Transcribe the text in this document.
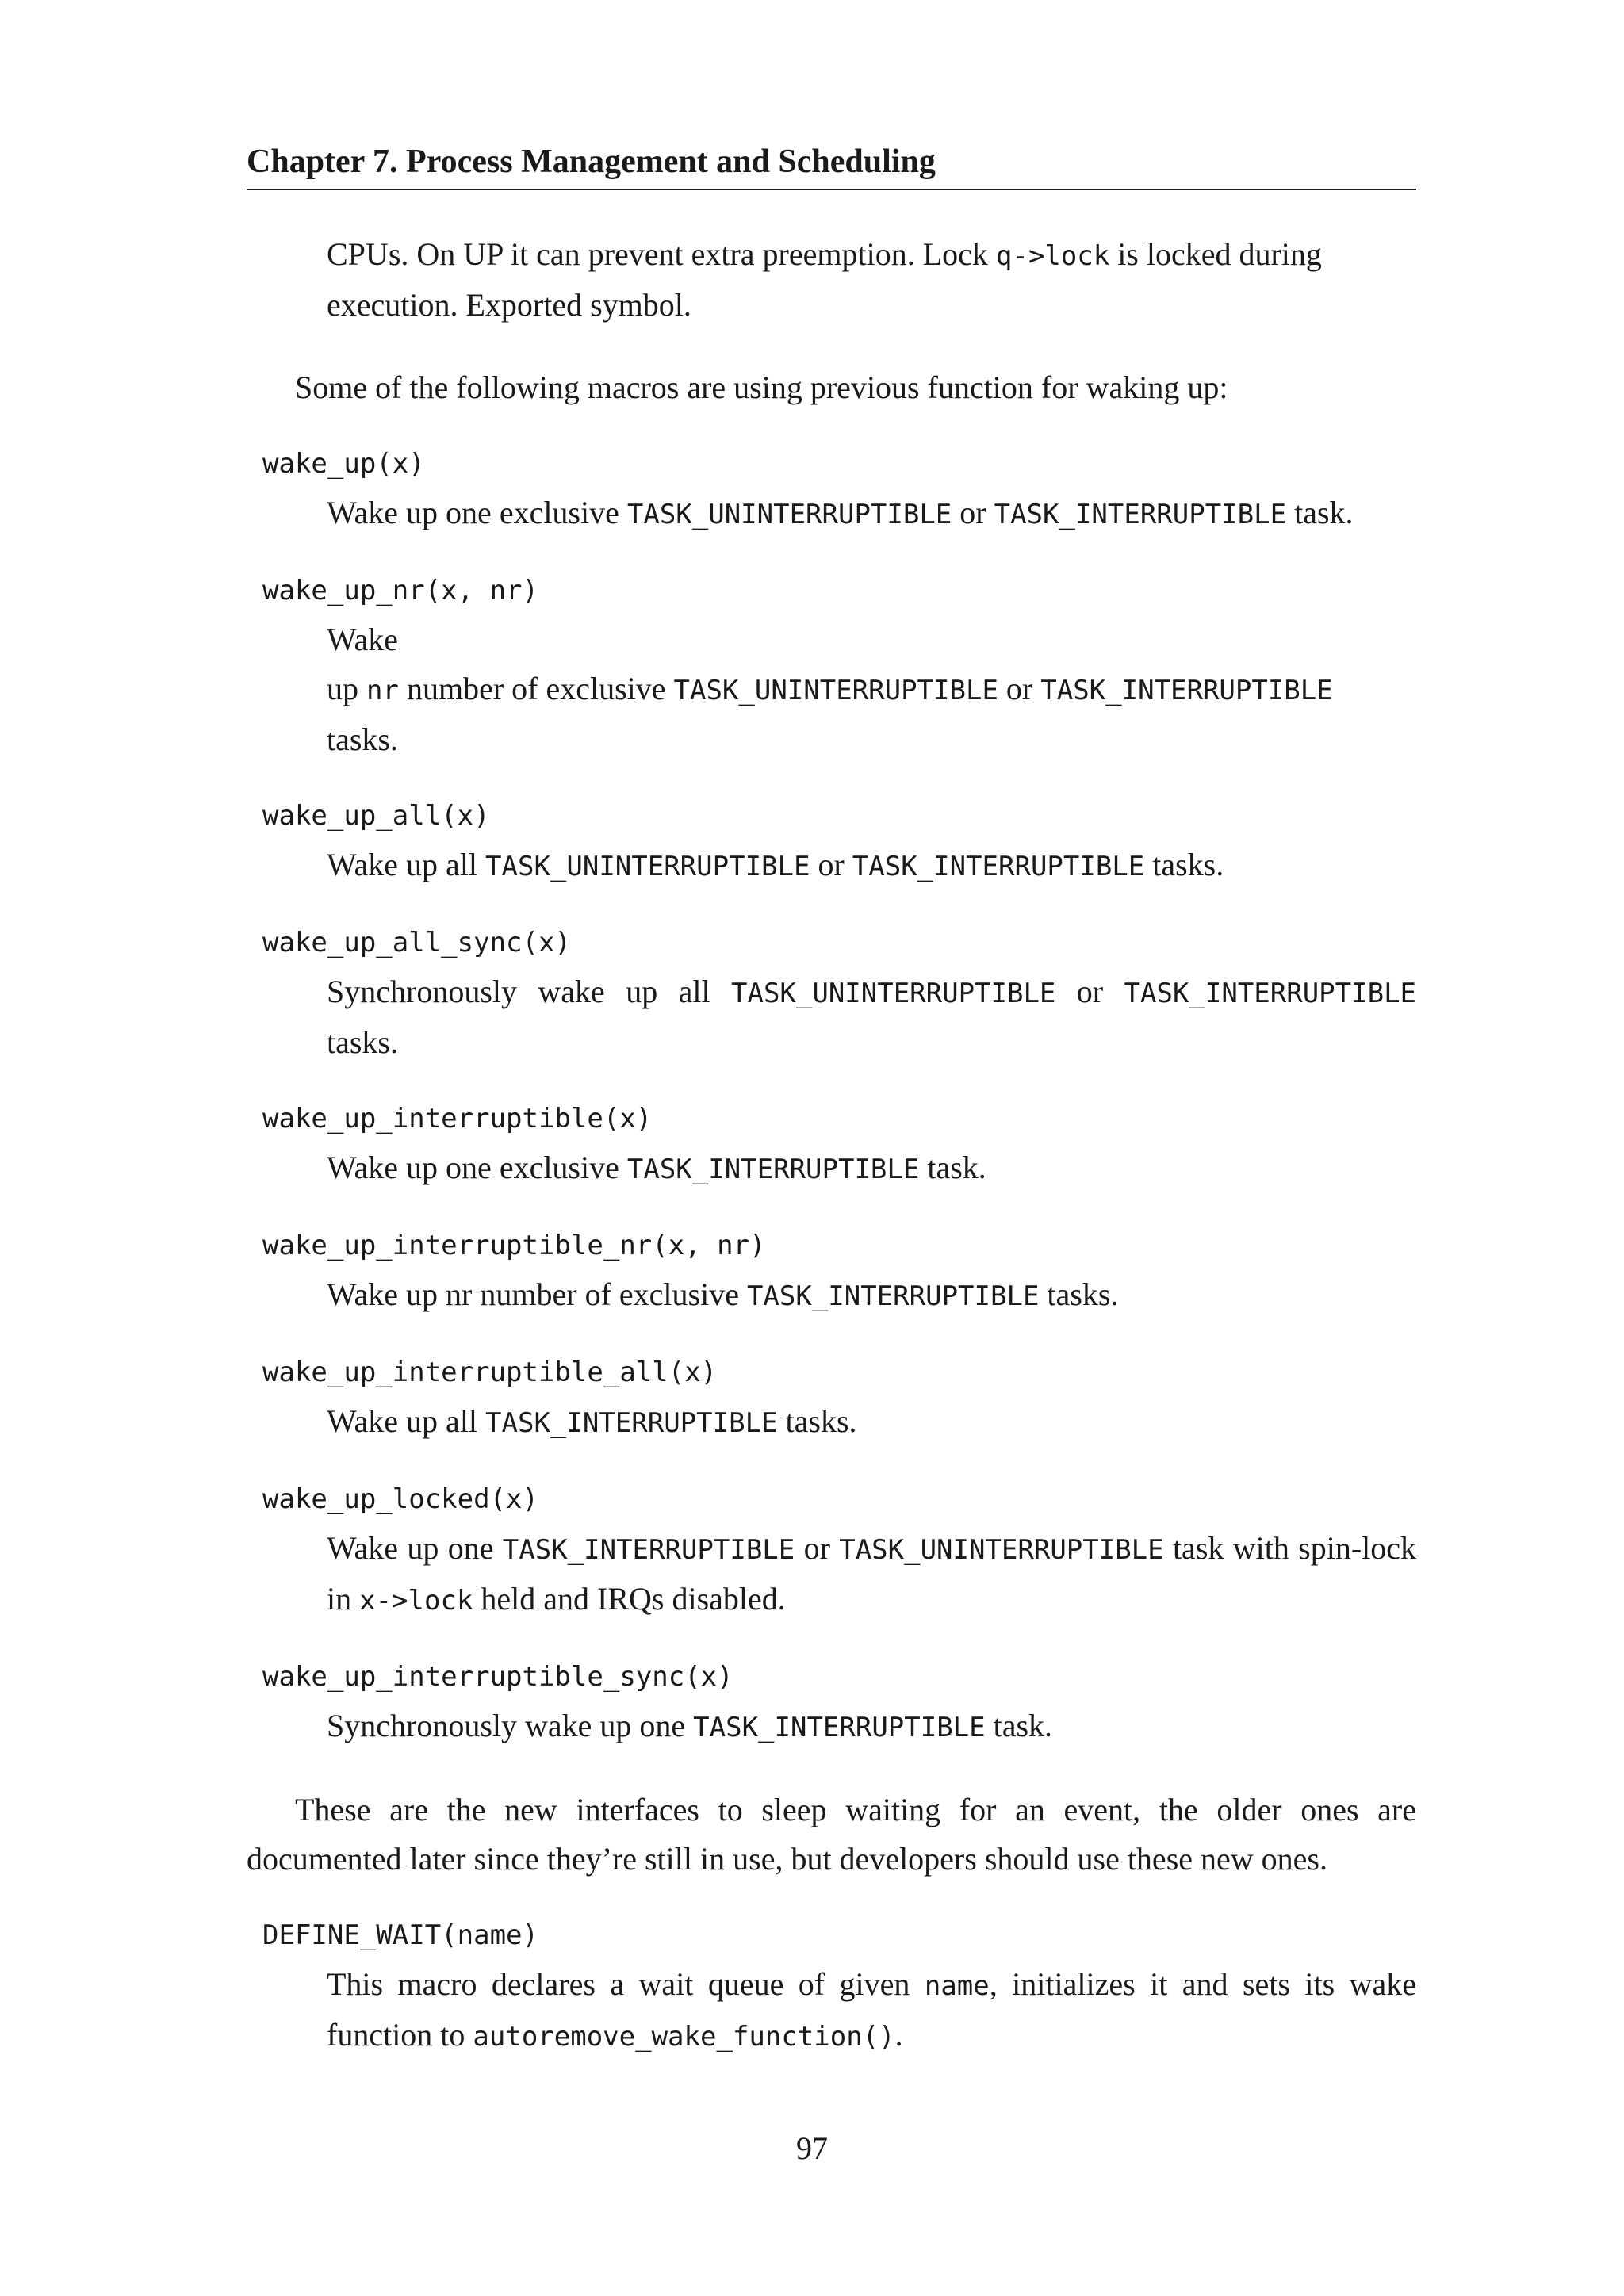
Chapter 7. Process Management and Scheduling
CPUs. On UP it can prevent extra preemption. Lock q->lock is locked during
execution. Exported symbol.
Some of the following macros are using previous function for waking up:
wake_up(x)
Wake up one exclusive TASK_UNINTERRUPTIBLE or TASK_INTERRUPTIBLE task.
wake_up_nr(x, nr)
Wake
up nr number of exclusive TASK_UNINTERRUPTIBLE or TASK_INTERRUPTIBLE
tasks.
wake_up_all(x)
Wake up all TASK_UNINTERRUPTIBLE or TASK_INTERRUPTIBLE tasks.
wake_up_all_sync(x)
Synchronously wake up all TASK_UNINTERRUPTIBLE or TASK_INTERRUPTIBLE tasks.
wake_up_interruptible(x)
Wake up one exclusive TASK_INTERRUPTIBLE task.
wake_up_interruptible_nr(x, nr)
Wake up nr number of exclusive TASK_INTERRUPTIBLE tasks.
wake_up_interruptible_all(x)
Wake up all TASK_INTERRUPTIBLE tasks.
wake_up_locked(x)
Wake up one TASK_INTERRUPTIBLE or TASK_UNINTERRUPTIBLE task with spin-lock in x->lock held and IRQs disabled.
wake_up_interruptible_sync(x)
Synchronously wake up one TASK_INTERRUPTIBLE task.
These are the new interfaces to sleep waiting for an event, the older ones are documented later since they’re still in use, but developers should use these new ones.
DEFINE_WAIT(name)
This macro declares a wait queue of given name, initializes it and sets its wake function to autoremove_wake_function().
97
